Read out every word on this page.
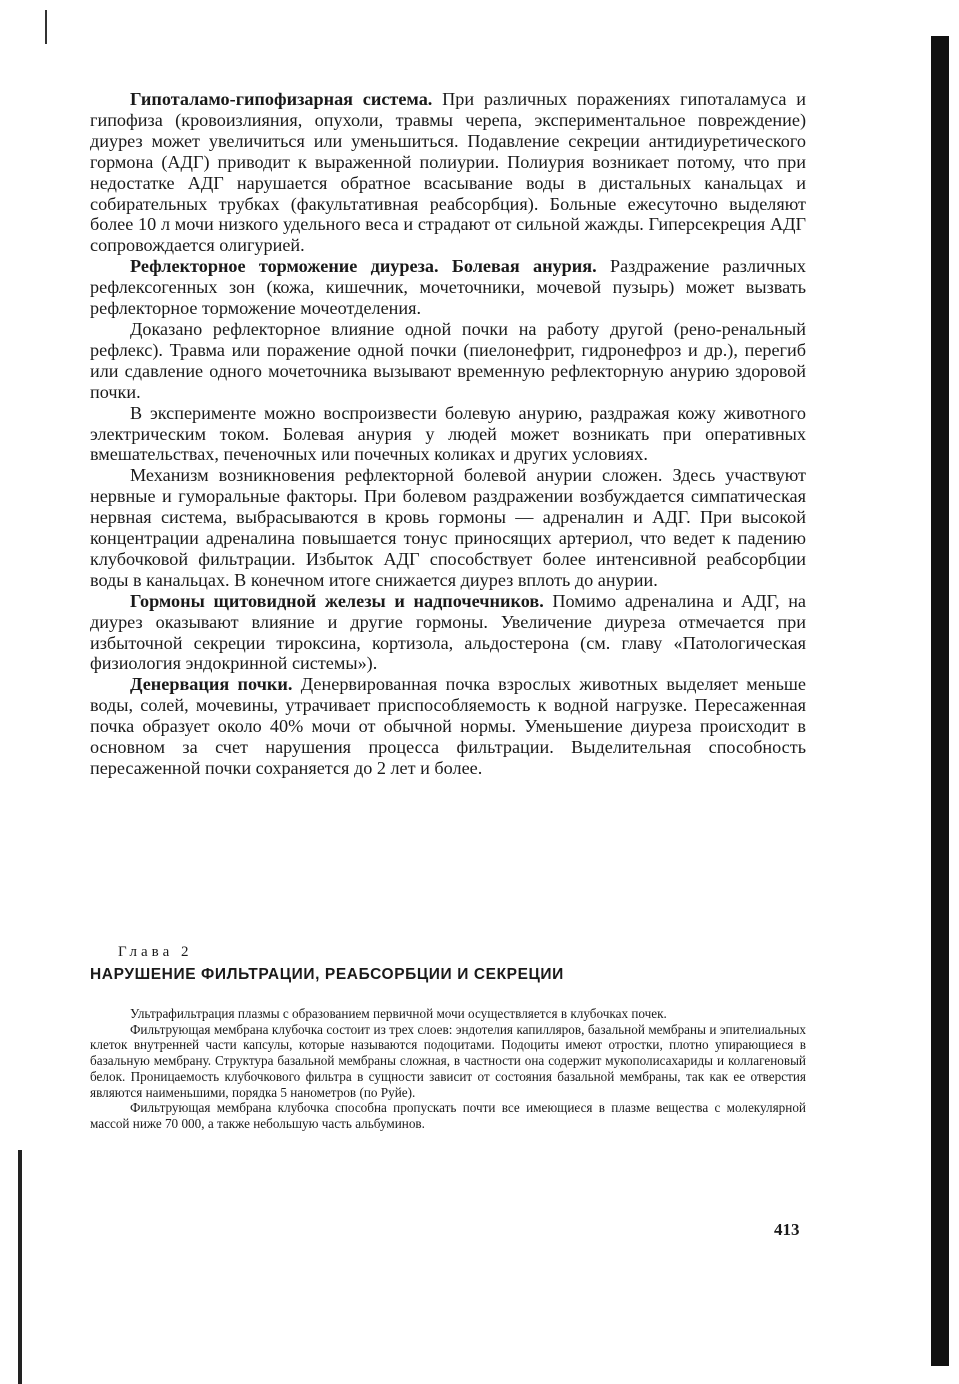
Гипоталамо-гипофизарная система. При различных поражениях гипоталамуса и гипофиза (кровоизлияния, опухоли, травмы черепа, экспериментальное повреждение) диурез может увеличиться или уменьшиться. Подавление секреции антидиуретического гормона (АДГ) приводит к выраженной полиурии. Полиурия возникает потому, что при недостатке АДГ нарушается обратное всасывание воды в дистальных канальцах и собирательных трубках (факультативная реабсорбция). Больные ежесуточно выделяют более 10 л мочи низкого удельного веса и страдают от сильной жажды. Гиперсекреция АДГ сопровождается олигурией.

Рефлекторное торможение диуреза. Болевая анурия. Раздражение различных рефлексогенных зон (кожа, кишечник, мочеточники, мочевой пузырь) может вызвать рефлекторное торможение мочеотделения.

Доказано рефлекторное влияние одной почки на работу другой (рено-ренальный рефлекс). Травма или поражение одной почки (пиелонефрит, гидронефроз и др.), перегиб или сдавление одного мочеточника вызывают временную рефлекторную анурию здоровой почки.

В эксперименте можно воспроизвести болевую анурию, раздражая кожу животного электрическим током. Болевая анурия у людей может возникать при оперативных вмешательствах, печеночных или почечных коликах и других условиях.

Механизм возникновения рефлекторной болевой анурии сложен. Здесь участвуют нервные и гуморальные факторы. При болевом раздражении возбуждается симпатическая нервная система, выбрасываются в кровь гормоны — адреналин и АДГ. При высокой концентрации адреналина повышается тонус приносящих артериол, что ведет к падению клубочковой фильтрации. Избыток АДГ способствует более интенсивной реабсорбции воды в канальцах. В конечном итоге снижается диурез вплоть до анурии.

Гормоны щитовидной железы и надпочечников. Помимо адреналина и АДГ, на диурез оказывают влияние и другие гормоны. Увеличение диуреза отмечается при избыточной секреции тироксина, кортизола, альдостерона (см. главу «Патологическая физиология эндокринной системы»).

Денервация почки. Денервированная почка взрослых животных выделяет меньше воды, солей, мочевины, утрачивает приспособляемость к водной нагрузке. Пересаженная почка образует около 40% мочи от обычной нормы. Уменьшение диуреза происходит в основном за счет нарушения процесса фильтрации. Выделительная способность пересаженной почки сохраняется до 2 лет и более.

Глава 2
НАРУШЕНИЕ ФИЛЬТРАЦИИ, РЕАБСОРБЦИИ И СЕКРЕЦИИ

Ультрафильтрация плазмы с образованием первичной мочи осуществляется в клубочках почек.

Фильтрующая мембрана клубочка состоит из трех слоев: эндотелия капилляров, базальной мембраны и эпителиальных клеток внутренней части капсулы, которые называются подоцитами. Подоциты имеют отростки, плотно упирающиеся в базальную мембрану. Структура базальной мембраны сложная, в частности она содержит мукополисахариды и коллагеновый белок. Проницаемость клубочкового фильтра в сущности зависит от состояния базальной мембраны, так как ее отверстия являются наименьшими, порядка 5 нанометров (по Руйе).

Фильтрующая мембрана клубочка способна пропускать почти все имеющиеся в плазме вещества с молекулярной массой ниже 70 000, а также небольшую часть альбуминов.

413
